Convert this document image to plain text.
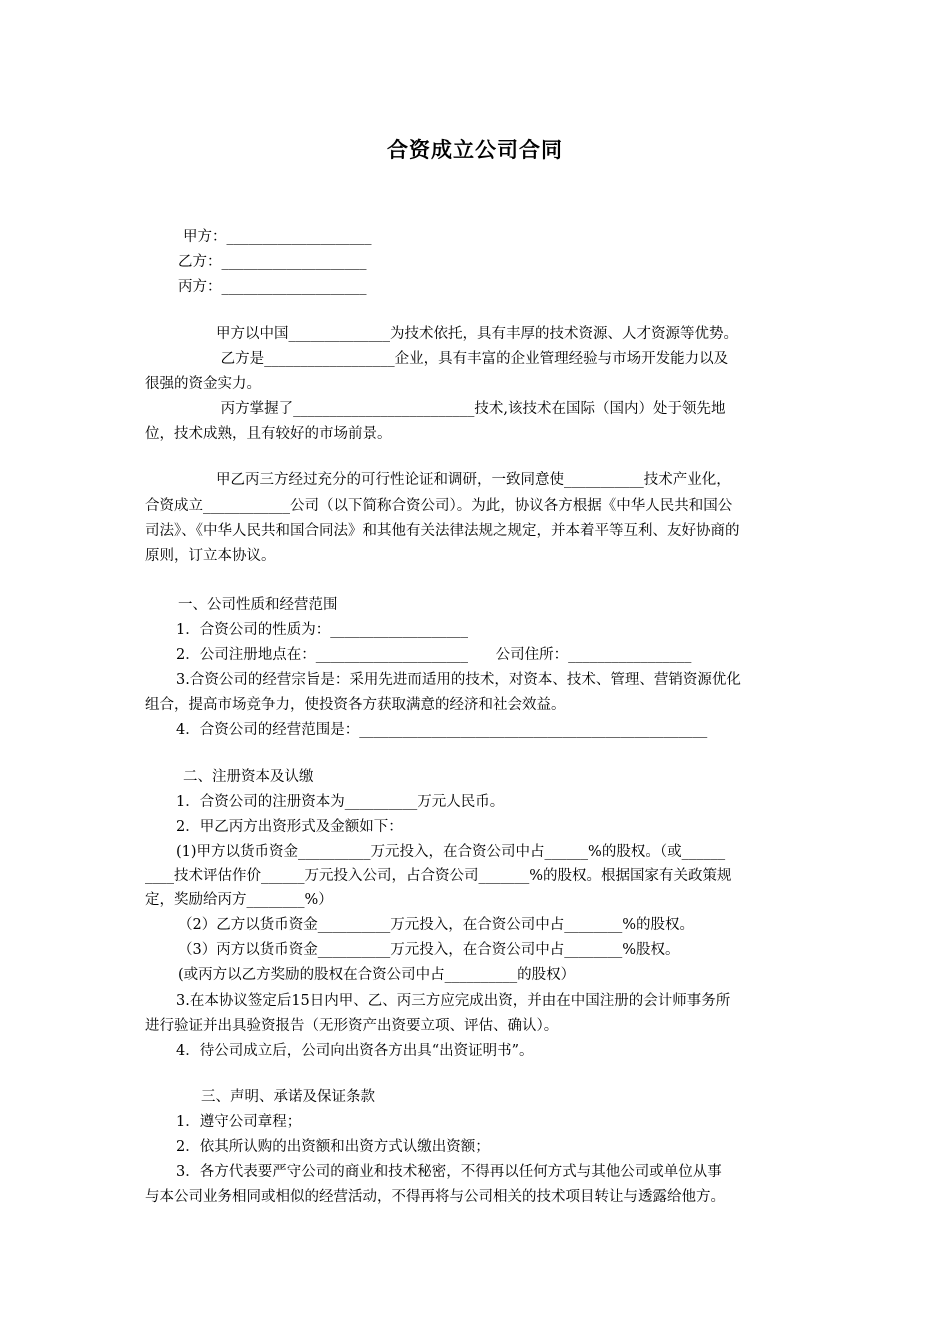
合资成立公司合同
甲方：____________________
乙方：____________________
丙方：____________________
甲方以中国______________为技术依托，具有丰厚的技术资源、人才资源等优势。
乙方是__________________企业，具有丰富的企业管理经验与市场开发能力以及
很强的资金实力。
丙方掌握了_________________________技术,该技术在国际（国内）处于领先地
位，技术成熟，且有较好的市场前景。
甲乙丙三方经过充分的可行性论证和调研，一致同意使___________技术产业化，
合资成立____________公司（以下简称合资公司）。为此，协议各方根据《中华人民共和国公
司法》、《中华人民共和国合同法》和其他有关法律法规之规定，并本着平等互利、友好协商的
原则，订立本协议。
一、公司性质和经营范围
1．合资公司的性质为：___________________
2．公司注册地点在：_____________________      公司住所：_________________
3.合资公司的经营宗旨是：采用先进而适用的技术，对资本、技术、管理、营销资源优化
组合，提高市场竞争力，使投资各方获取满意的经济和社会效益。
4．合资公司的经营范围是：________________________________________________
二、注册资本及认缴
1．合资公司的注册资本为__________万元人民币。
2．甲乙丙方出资形式及金额如下：
(1)甲方以货币资金__________万元投入，在合资公司中占______%的股权。（或______
____技术评估作价______万元投入公司，占合资公司_______%的股权。根据国家有关政策规
定，奖励给丙方________%）
（2）乙方以货币资金__________万元投入，在合资公司中占________%的股权。
（3）丙方以货币资金__________万元投入，在合资公司中占________%股权。
(或丙方以乙方奖励的股权在合资公司中占__________的股权）
3.在本协议签定后15日内甲、乙、丙三方应完成出资，并由在中国注册的会计师事务所
进行验证并出具验资报告（无形资产出资要立项、评估、确认）。
4．待公司成立后，公司向出资各方出具“出资证明书”。
三、声明、承诺及保证条款
1．遵守公司章程；
2．依其所认购的出资额和出资方式认缴出资额；
3．各方代表要严守公司的商业和技术秘密，不得再以任何方式与其他公司或单位从事
与本公司业务相同或相似的经营活动，不得再将与公司相关的技术项目转让与透露给他方。
